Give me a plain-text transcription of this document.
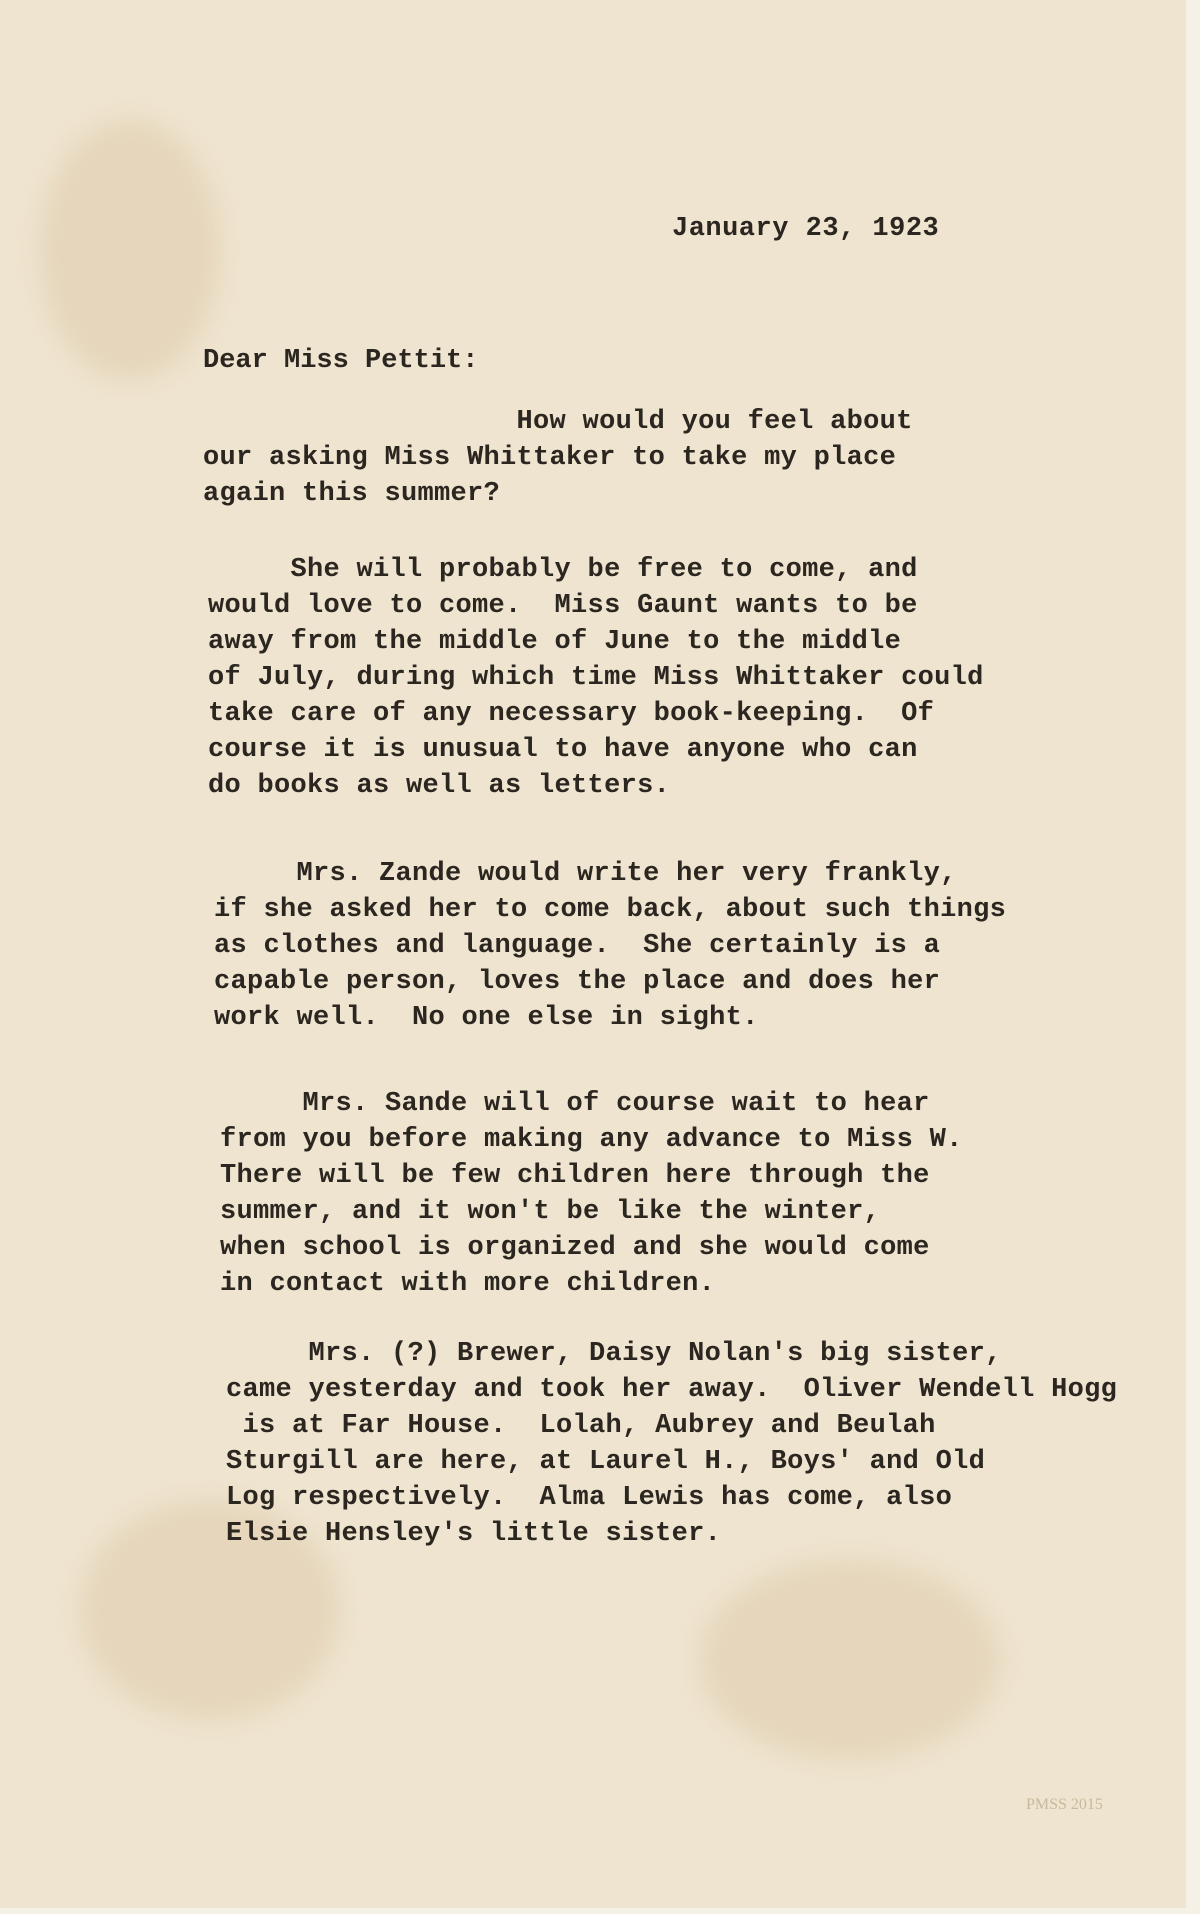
January 23, 1923
Dear Miss Pettit:

How would you feel about
our asking Miss Whittaker to take my place
again this summer?

She will probably be free to come, and
would love to come.  Miss Gaunt wants to be
away from the middle of June to the middle
of July, during which time Miss Whittaker could
take care of any necessary book-keeping.  Of
course it is unusual to have anyone who can
do books as well as letters.

Mrs. Zande would write her very frankly,
if she asked her to come back, about such things
as clothes and language.  She certainly is a
capable person, loves the place and does her
work well.  No one else in sight.

Mrs. Sande will of course wait to hear
from you before making any advance to Miss W.
There will be few children here through the
summer, and it won't be like the winter,
when school is organized and she would come
in contact with more children.

Mrs. (?) Brewer, Daisy Nolan's big sister,
came yesterday and took her away.  Oliver Wendell Hogg
is at Far House.  Lolah, Aubrey and Beulah
Sturgill are here, at Laurel H., Boys' and Old
Log respectively.  Alma Lewis has come, also
Elsie Hensley's little sister.

PMSS 2015
